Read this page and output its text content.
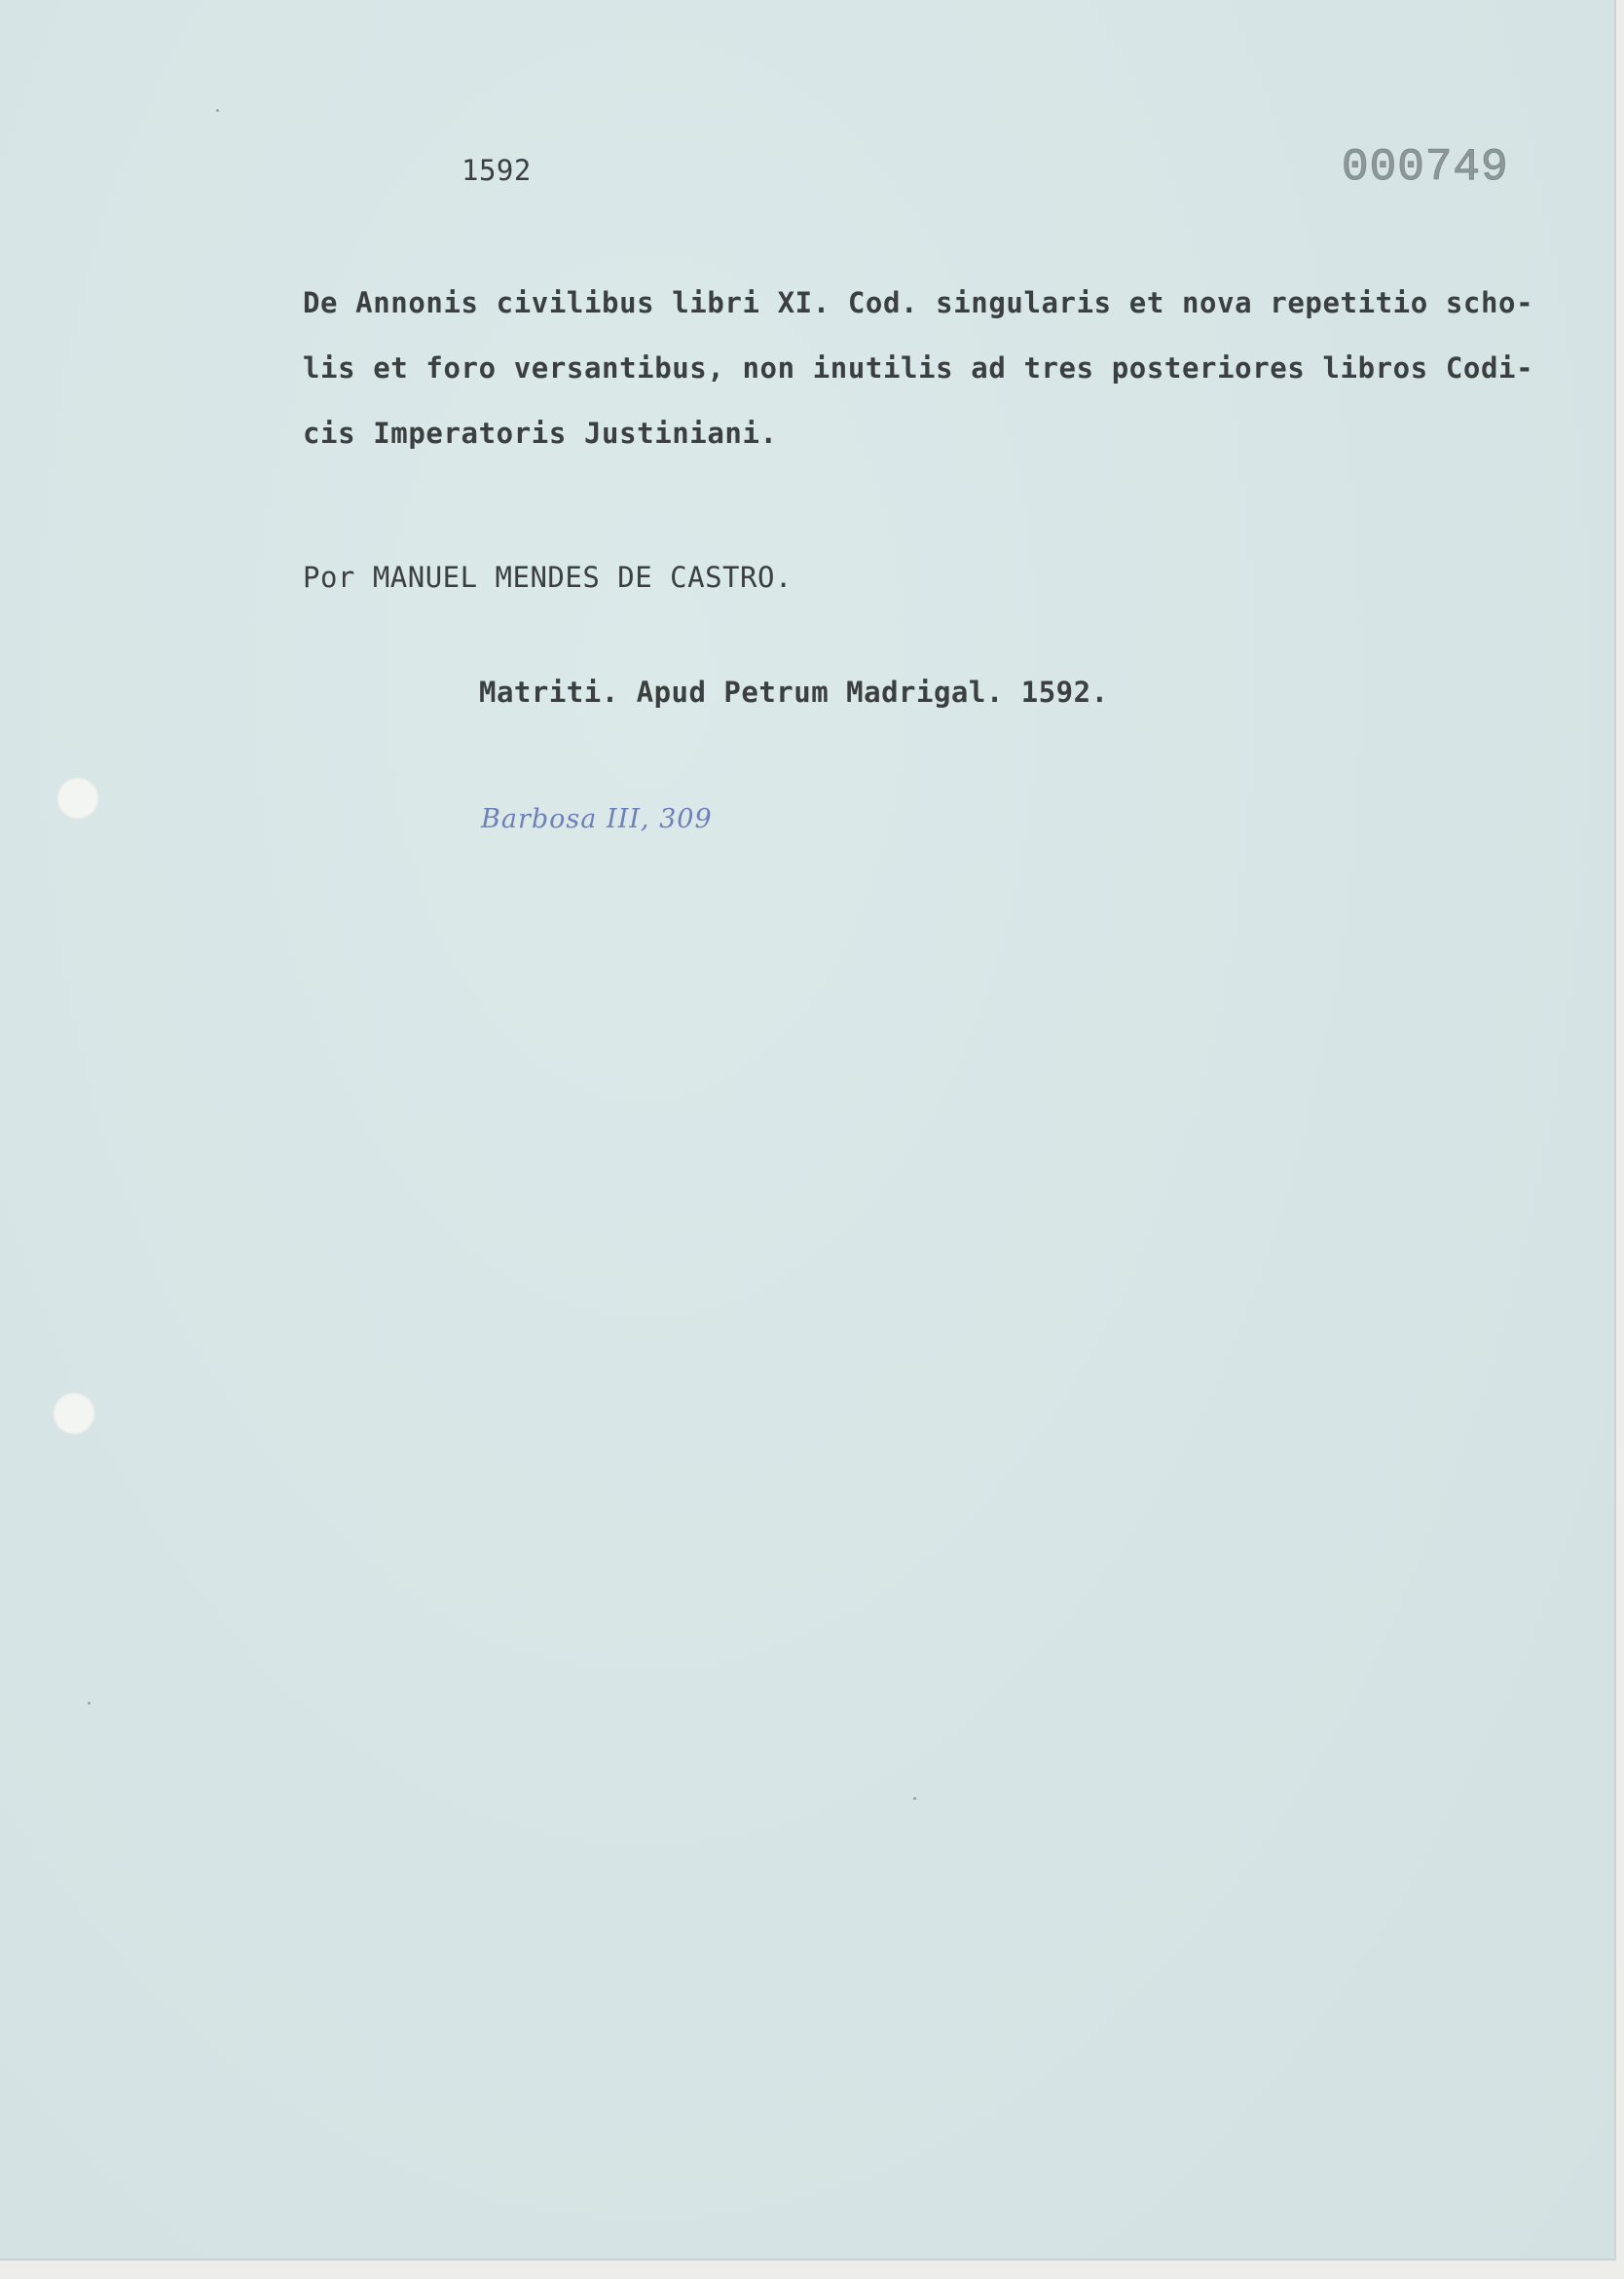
1592	000749
De Annonis civilibus libri XI. Cod. singularis et nova repetitio scho-
lis et foro versantibus, non inutilis ad tres posteriores libros Codi-
cis Imperatoris Justiniani.
Por MANUEL MENDES DE CASTRO.
Matriti. Apud Petrum Madrigal. 1592.
Barbosa III, 309
